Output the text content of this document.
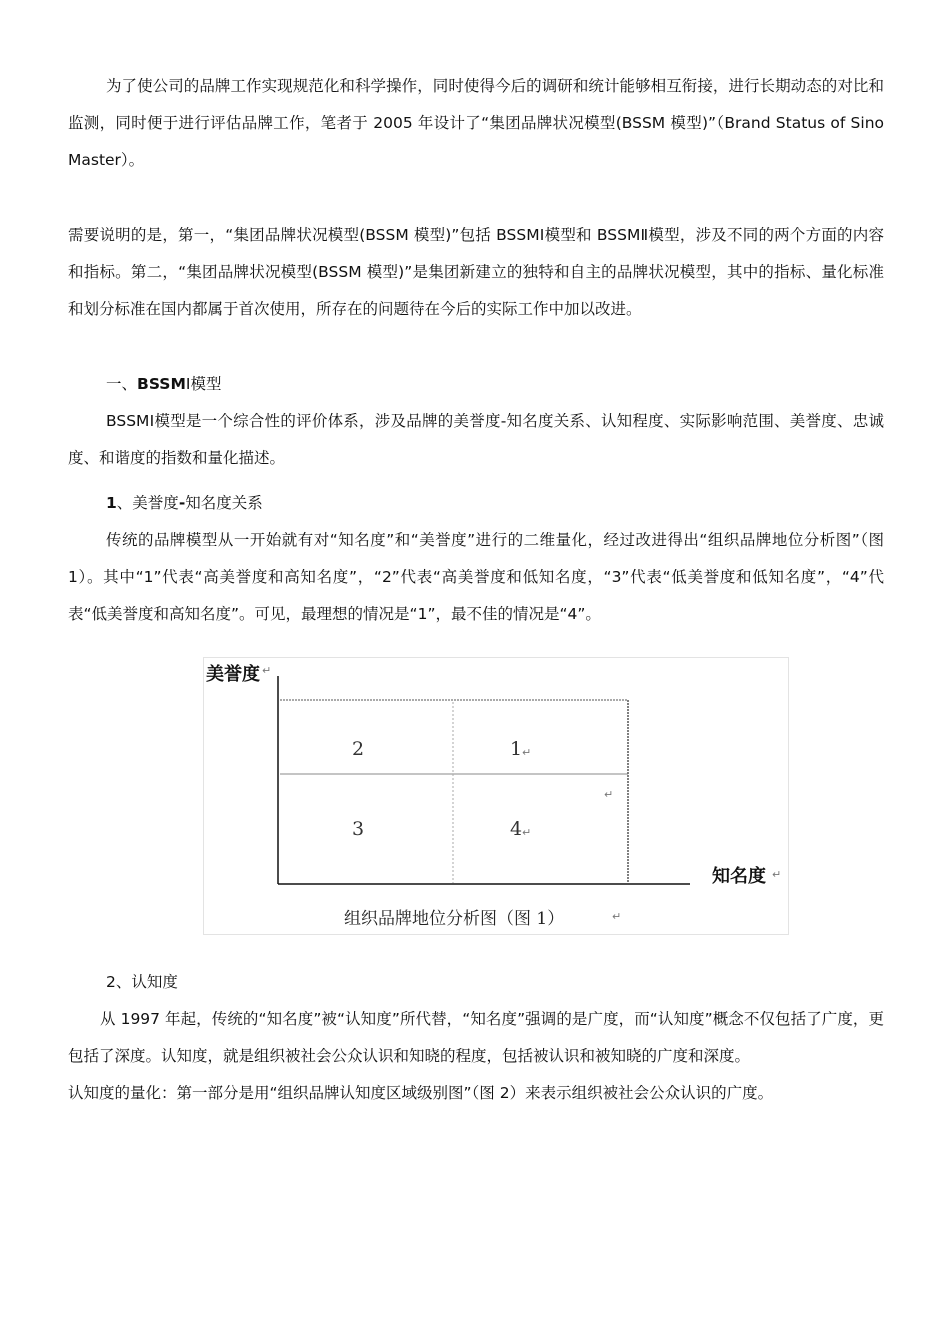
为了使公司的品牌工作实现规范化和科学操作，同时使得今后的调研和统计能够相互衔接，进行长期动态的对比和监测，同时便于进行评估品牌工作，笔者于 2005 年设计了“集团品牌状况模型(BSSM 模型)”（Brand Status of Sino Master）。

需要说明的是，第一，“集团品牌状况模型(BSSM 模型)”包括 BSSMⅠ模型和 BSSMⅡ模型，涉及不同的两个方面的内容和指标。第二，“集团品牌状况模型(BSSM 模型)”是集团新建立的独特和自主的品牌状况模型，其中的指标、量化标准和划分标准在国内都属于首次使用，所存在的问题待在今后的实际工作中加以改进。

一、BSSMⅠ模型

BSSMⅠ模型是一个综合性的评价体系，涉及品牌的美誉度-知名度关系、认知程度、实际影响范围、美誉度、忠诚度、和谐度的指数和量化描述。

1、美誉度-知名度关系

传统的品牌模型从一开始就有对“知名度”和“美誉度”进行的二维量化，经过改进得出“组织品牌地位分析图”（图 1）。其中“1”代表“高美誉度和高知名度”，“2”代表“高美誉度和低知名度，“3”代表“低美誉度和低知名度”，“4”代表“低美誉度和高知名度”。可见，最理想的情况是“1”，最不佳的情况是“4”。

美誉度 ↵
知名度 ↵
2	1 ↵
↵
3	4 ↵
组织品牌地位分析图（图 1）	↵

2、认知度

从 1997 年起，传统的“知名度”被“认知度”所代替，“知名度”强调的是广度，而“认知度”概念不仅包括了广度，更包括了深度。认知度，就是组织被社会公众认识和知晓的程度，包括被认识和被知晓的广度和深度。

认知度的量化：第一部分是用“组织品牌认知度区域级别图”（图 2）来表示组织被社会公众认识的广度。
